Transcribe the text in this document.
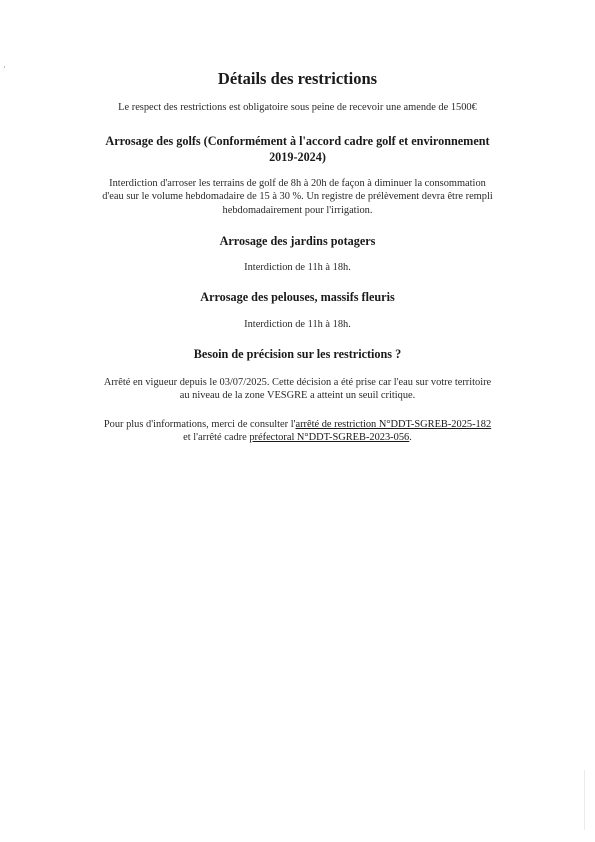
Détails des restrictions
Le respect des restrictions est obligatoire sous peine de recevoir une amende de 1500€
Arrosage des golfs (Conformément à l'accord cadre golf et environnement
2019-2024)
Interdiction d'arroser les terrains de golf de 8h à 20h de façon à diminuer la consommation
d'eau sur le volume hebdomadaire de 15 à 30 %. Un registre de prélèvement devra être rempli
hebdomadairement pour l'irrigation.
Arrosage des jardins potagers
Interdiction de 11h à 18h.
Arrosage des pelouses, massifs fleuris
Interdiction de 11h à 18h.
Besoin de précision sur les restrictions ?
Arrêté en vigueur depuis le 03/07/2025. Cette décision a été prise car l'eau sur votre territoire
au niveau de la zone VESGRE a atteint un seuil critique.
Pour plus d'informations, merci de consulter l'arrêté de restriction N°DDT-SGREB-2025-182
et l'arrêté cadre préfectoral N°DDT-SGREB-2023-056.
